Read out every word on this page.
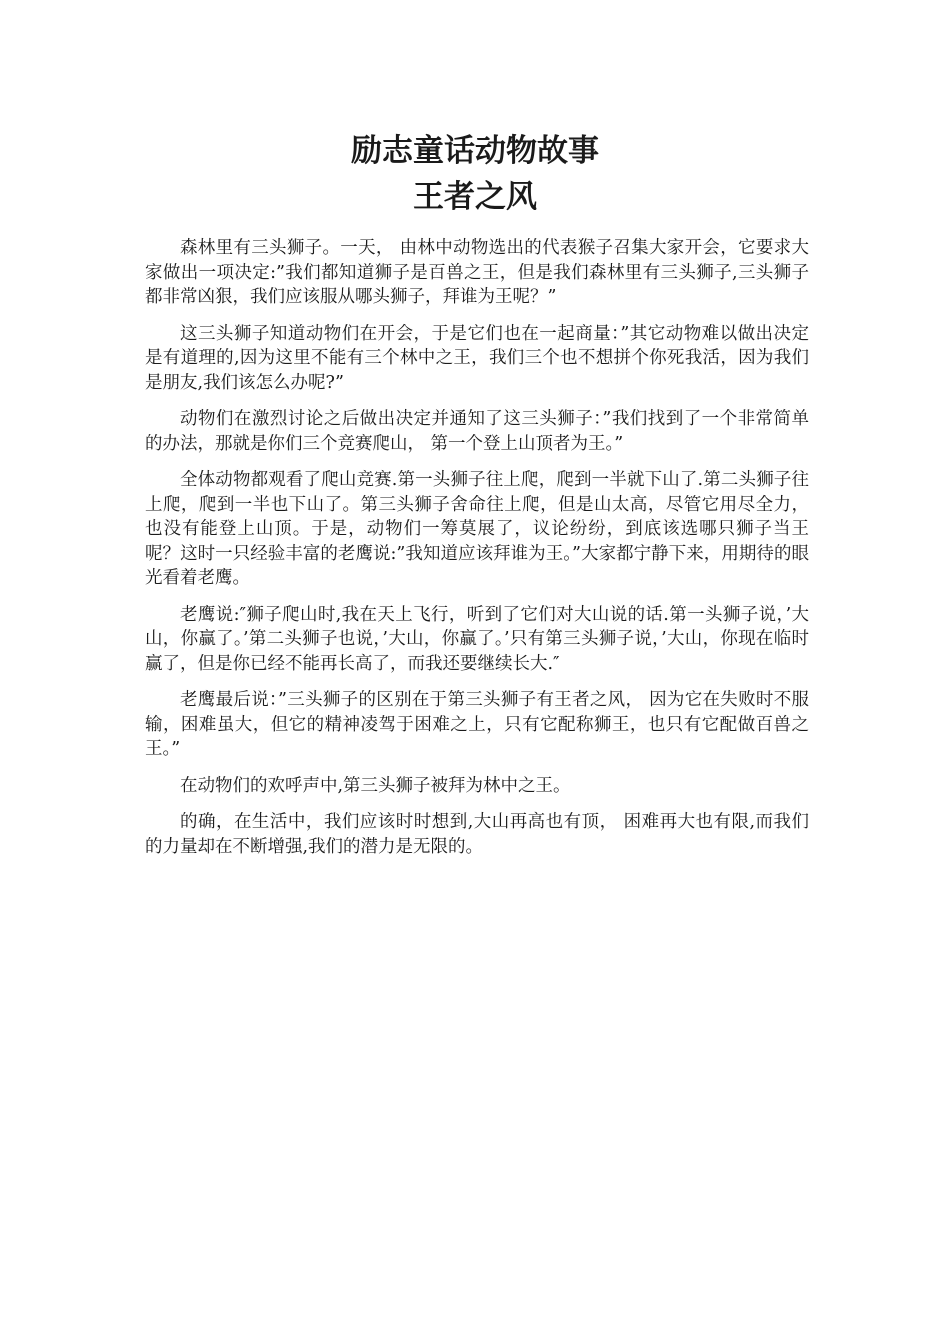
励志童话动物故事
王者之风

森林里有三头狮子。一天， 由林中动物选出的代表猴子召集大家开会，它要求大家做出一项决定:”我们都知道狮子是百兽之王，但是我们森林里有三头狮子,三头狮子都非常凶狠，我们应该服从哪头狮子，拜谁为王呢？”

这三头狮子知道动物们在开会，于是它们也在一起商量：”其它动物难以做出决定是有道理的,因为这里不能有三个林中之王，我们三个也不想拼个你死我活，因为我们是朋友,我们该怎么办呢?”

动物们在激烈讨论之后做出决定并通知了这三头狮子：”我们找到了一个非常简单的办法，那就是你们三个竞赛爬山， 第一个登上山顶者为王。”

全体动物都观看了爬山竞赛.第一头狮子往上爬，爬到一半就下山了.第二头狮子往上爬，爬到一半也下山了。第三头狮子舍命往上爬，但是山太高，尽管它用尽全力，也没有能登上山顶。于是，动物们一筹莫展了，议论纷纷，到底该选哪只狮子当王呢？这时一只经验丰富的老鹰说:”我知道应该拜谁为王。”大家都宁静下来，用期待的眼光看着老鹰。

老鹰说:″狮子爬山时,我在天上飞行，听到了它们对大山说的话.第一头狮子说，’大山，你赢了。’第二头狮子也说，’大山，你赢了。’只有第三头狮子说，’大山，你现在临时赢了，但是你已经不能再长高了，而我还要继续长大.″

老鹰最后说：”三头狮子的区别在于第三头狮子有王者之风， 因为它在失败时不服输，困难虽大，但它的精神凌驾于困难之上，只有它配称狮王，也只有它配做百兽之王。”

在动物们的欢呼声中,第三头狮子被拜为林中之王。

的确，在生活中，我们应该时时想到,大山再高也有顶， 困难再大也有限,而我们的力量却在不断增强,我们的潜力是无限的。
